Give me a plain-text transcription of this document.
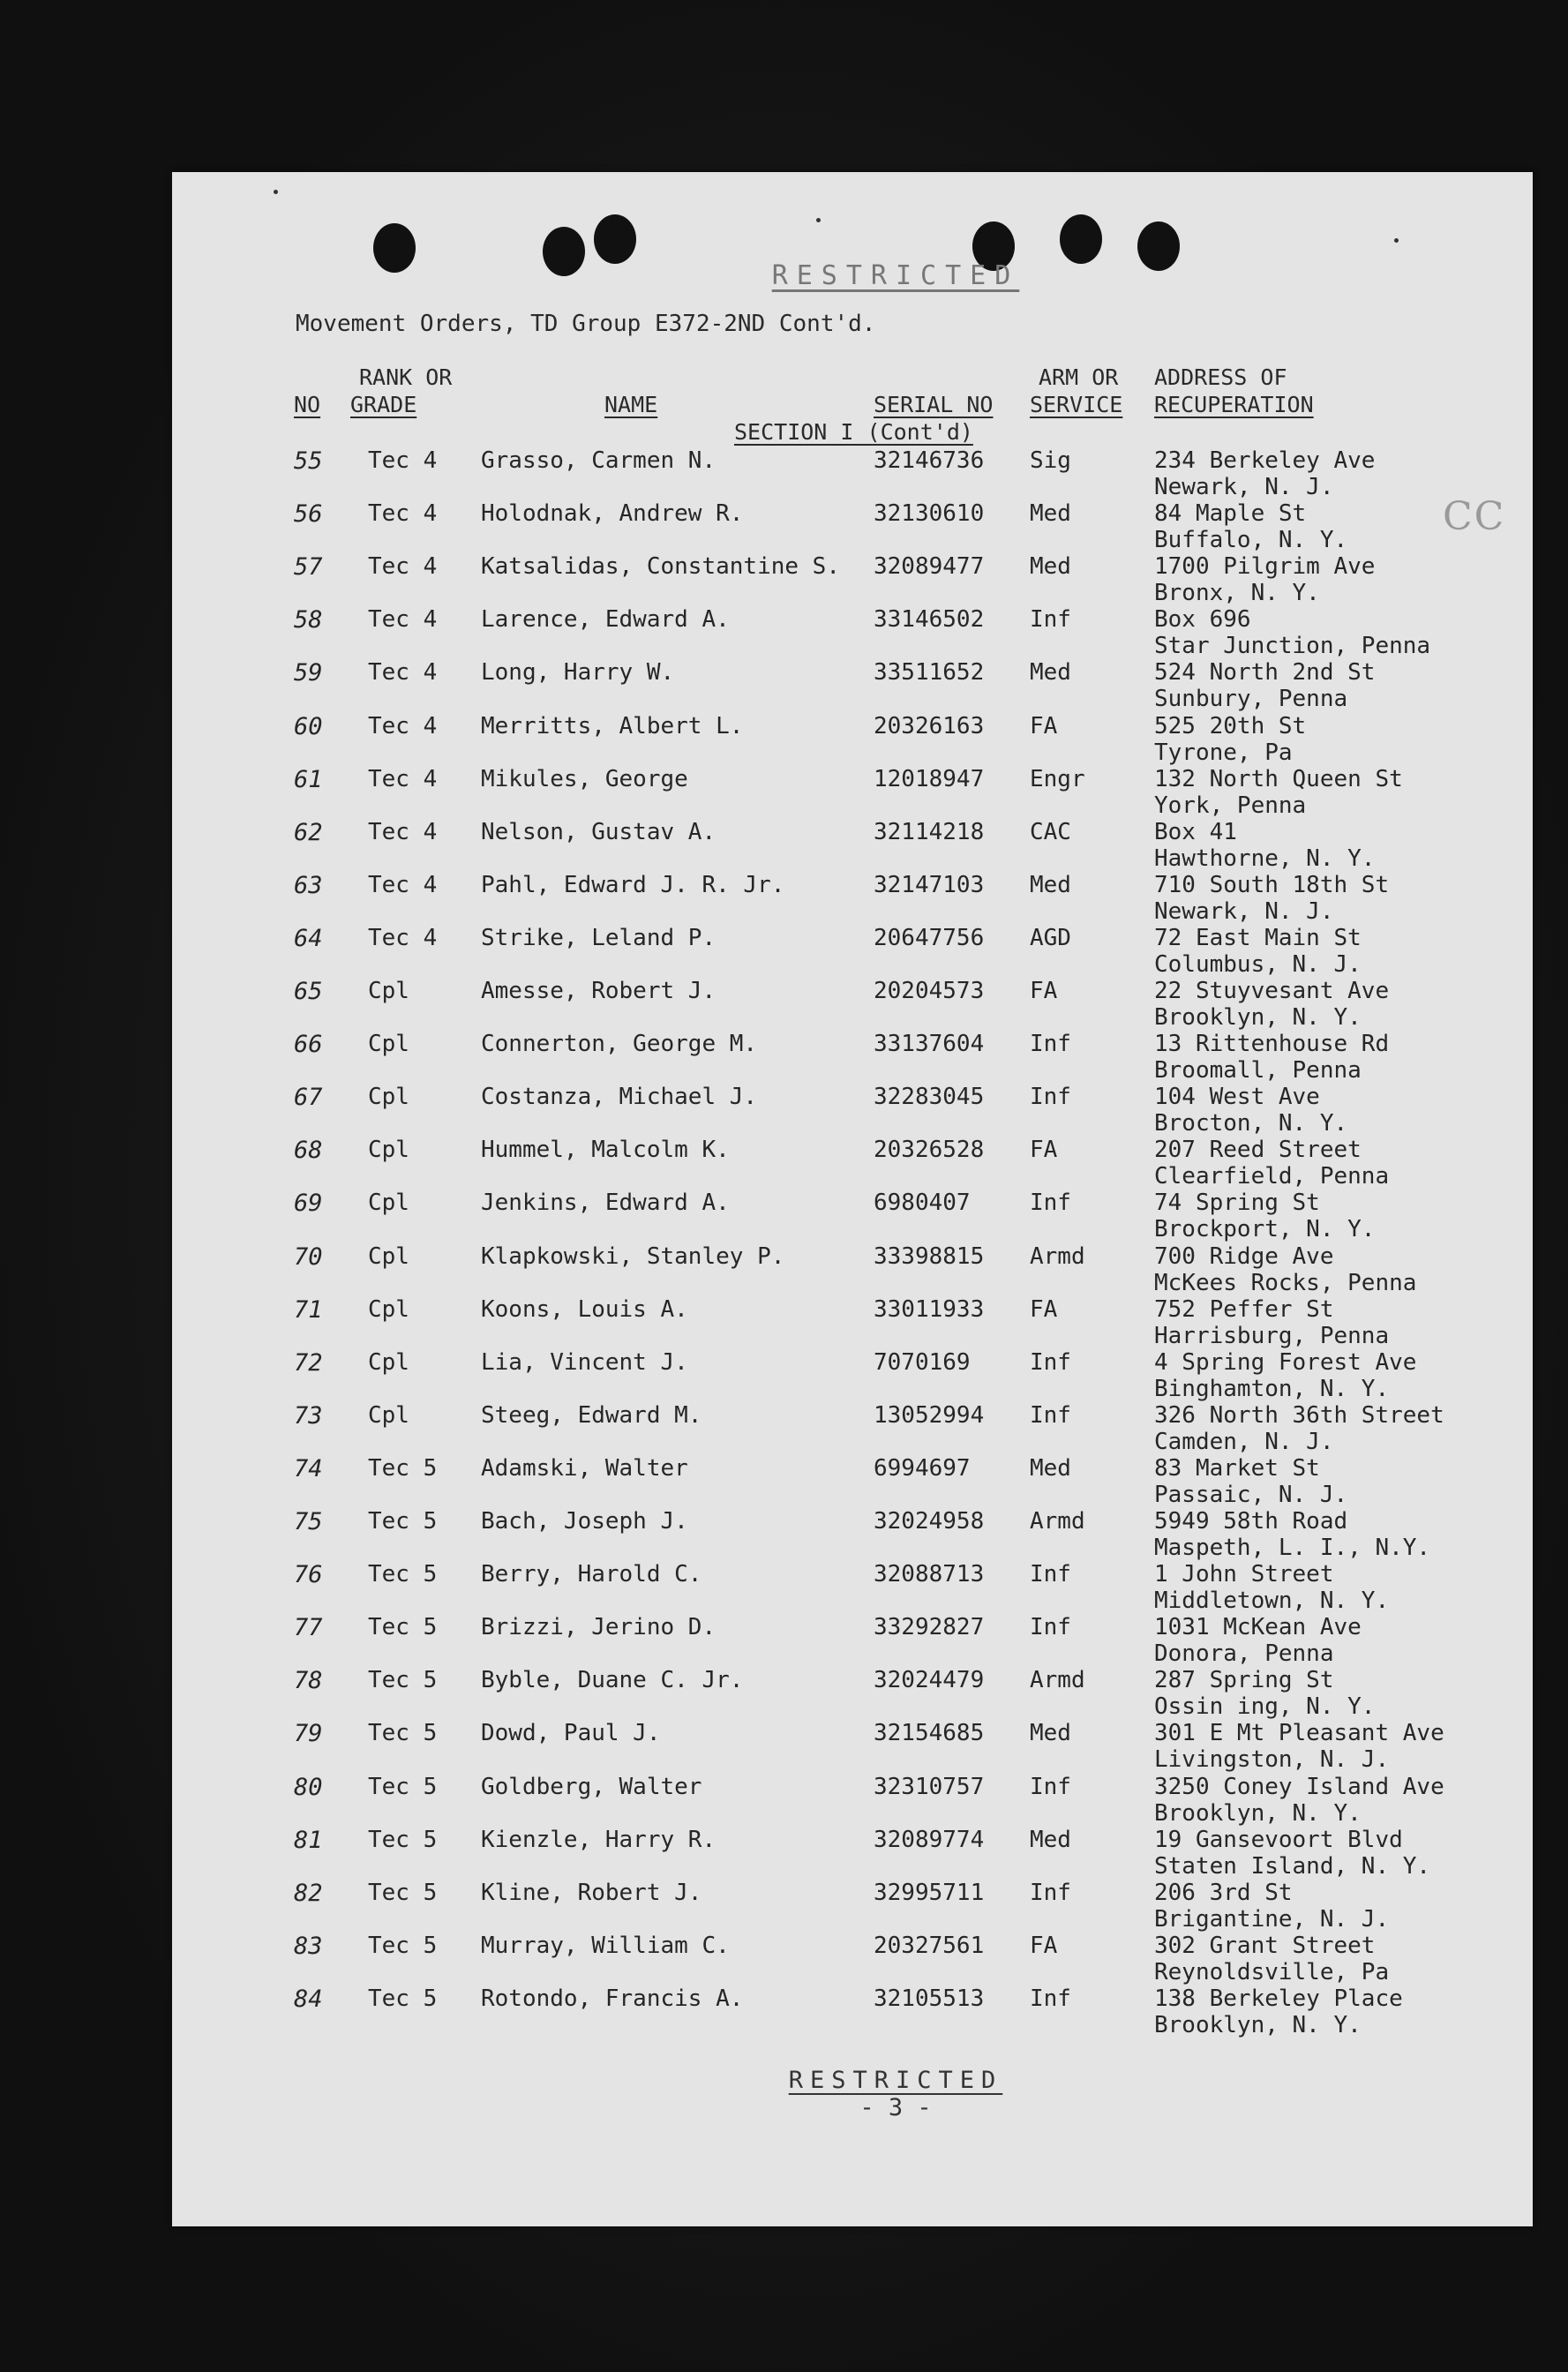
RESTRICTED
Movement Orders, TD Group E372-2ND Cont'd.
NO
RANK OR
GRADE	NAME	SERIAL NO
ARM OR
SERVICE
ADDRESS OF
RECUPERATION
SECTION I (Cont'd)
CC
55 Tec 4 Grasso, Carmen N.	32146736 Sig	234 Berkeley Ave
Newark, N. J.
56 Tec 4 Holodnak, Andrew R.	32130610 Med	84 Maple St
Buffalo, N. Y.
57 Tec 4 Katsalidas, Constantine S. 32089477 Med	1700 Pilgrim Ave
Bronx, N. Y.
58 Tec 4 Larence, Edward A.	33146502 Inf	Box 696
Star Junction, Penna
59 Tec 4 Long, Harry W.	33511652 Med	524 North 2nd St
Sunbury, Penna
60 Tec 4 Merritts, Albert L.	20326163 FA	525 20th St
Tyrone, Pa
61 Tec 4 Mikules, George	12018947 Engr	132 North Queen St
York, Penna
62 Tec 4 Nelson, Gustav A.	32114218 CAC	Box 41
Hawthorne, N. Y.
63 Tec 4 Pahl, Edward J. R. Jr.	32147103 Med	710 South 18th St
Newark, N. J.
64 Tec 4 Strike, Leland P.	20647756 AGD	72 East Main St
Columbus, N. J.
65 Cpl	Amesse, Robert J.	20204573 FA	22 Stuyvesant Ave
Brooklyn, N. Y.
66 Cpl	Connerton, George M.	33137604 Inf	13 Rittenhouse Rd
Broomall, Penna
67 Cpl	Costanza, Michael J.	32283045 Inf	104 West Ave
Brocton, N. Y.
68 Cpl	Hummel, Malcolm K.	20326528 FA	207 Reed Street
Clearfield, Penna
69 Cpl	Jenkins, Edward A.	6980407	Inf	74 Spring St
Brockport, N. Y.
70 Cpl	Klapkowski, Stanley P.	33398815 Armd	700 Ridge Ave
McKees Rocks, Penna
71 Cpl	Koons, Louis A.	33011933 FA	752 Peffer St
Harrisburg, Penna
72 Cpl	Lia, Vincent J.	7070169	Inf	4 Spring Forest Ave
Binghamton, N. Y.
73 Cpl	Steeg, Edward M.	13052994 Inf	326 North 36th Street
Camden, N. J.
74 Tec 5 Adamski, Walter	6994697	Med	83 Market St
Passaic, N. J.
75 Tec 5 Bach, Joseph J.	32024958 Armd	5949 58th Road
Maspeth, L. I., N.Y.
76 Tec 5 Berry, Harold C.	32088713 Inf	1 John Street
Middletown, N. Y.
77 Tec 5 Brizzi, Jerino D.	33292827 Inf	1031 McKean Ave
Donora, Penna
78 Tec 5 Byble, Duane C. Jr.	32024479 Armd	287 Spring St
Ossin ing, N. Y.
79 Tec 5 Dowd, Paul J.	32154685 Med	301 E Mt Pleasant Ave
Livingston, N. J.
80 Tec 5 Goldberg, Walter	32310757 Inf	3250 Coney Island Ave
Brooklyn, N. Y.
81 Tec 5 Kienzle, Harry R.	32089774 Med	19 Gansevoort Blvd
Staten Island, N. Y.
82 Tec 5 Kline, Robert J.	32995711 Inf	206 3rd St
Brigantine, N. J.
83 Tec 5 Murray, William C.	20327561 FA	302 Grant Street
Reynoldsville, Pa
84 Tec 5 Rotondo, Francis A.	32105513 Inf	138 Berkeley Place
Brooklyn, N. Y.
RESTRICTED
- 3 -
